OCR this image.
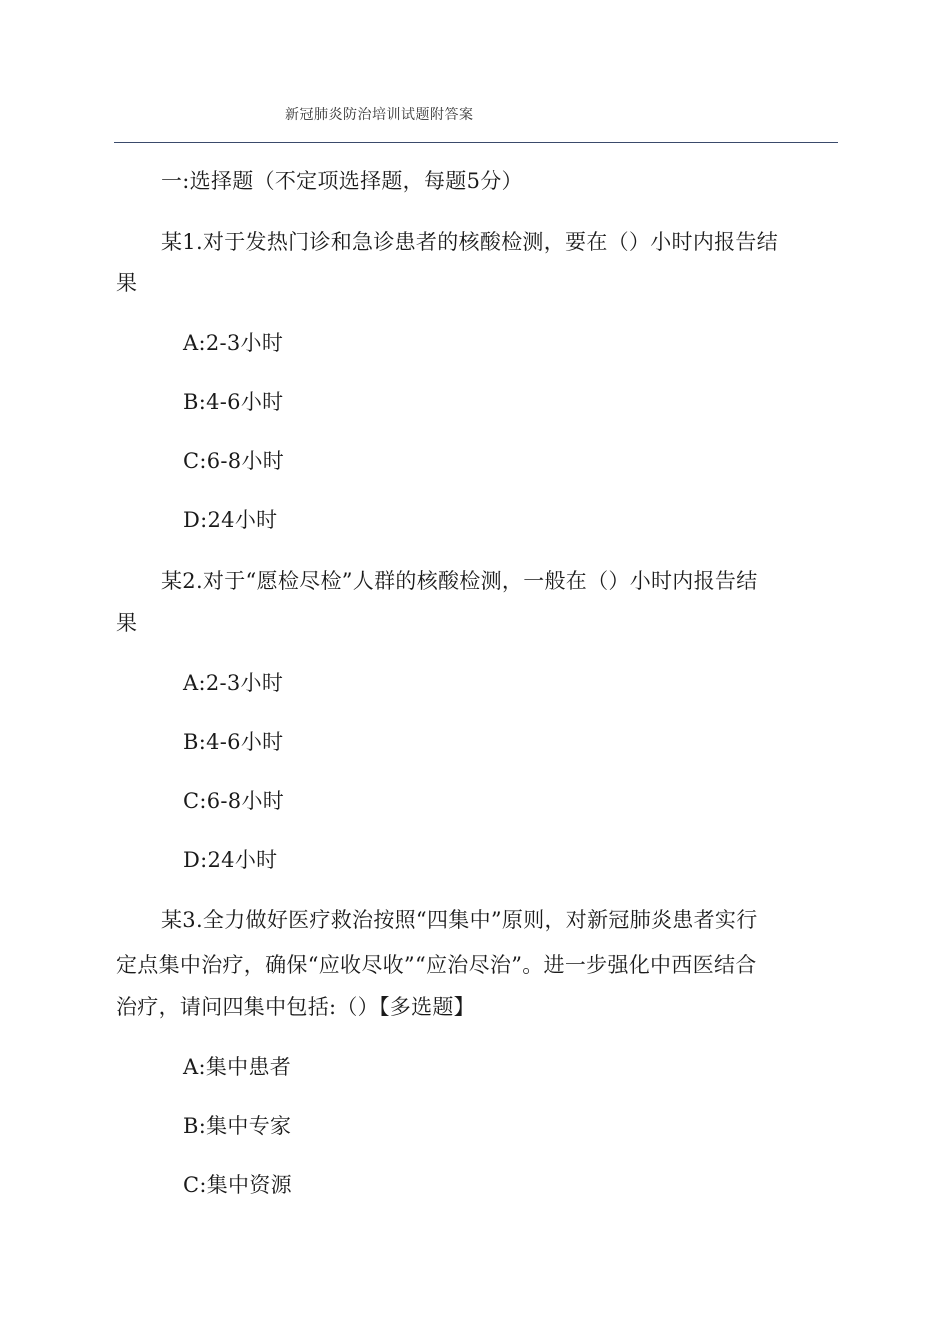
新冠肺炎防治培训试题附答案
一:选择题（不定项选择题，每题5分）
某1.对于发热门诊和急诊患者的核酸检测，要在（）小时内报告结
果
A:2-3小时
B:4-6小时
C:6-8小时
D:24小时
某2.对于“愿检尽检”人群的核酸检测，一般在（）小时内报告结
果
A:2-3小时
B:4-6小时
C:6-8小时
D:24小时
某3.全力做好医疗救治按照“四集中”原则，对新冠肺炎患者实行
定点集中治疗，确保“应收尽收”“应治尽治”。进一步强化中西医结合
治疗，请问四集中包括:（）【多选题】
A:集中患者
B:集中专家
C:集中资源
